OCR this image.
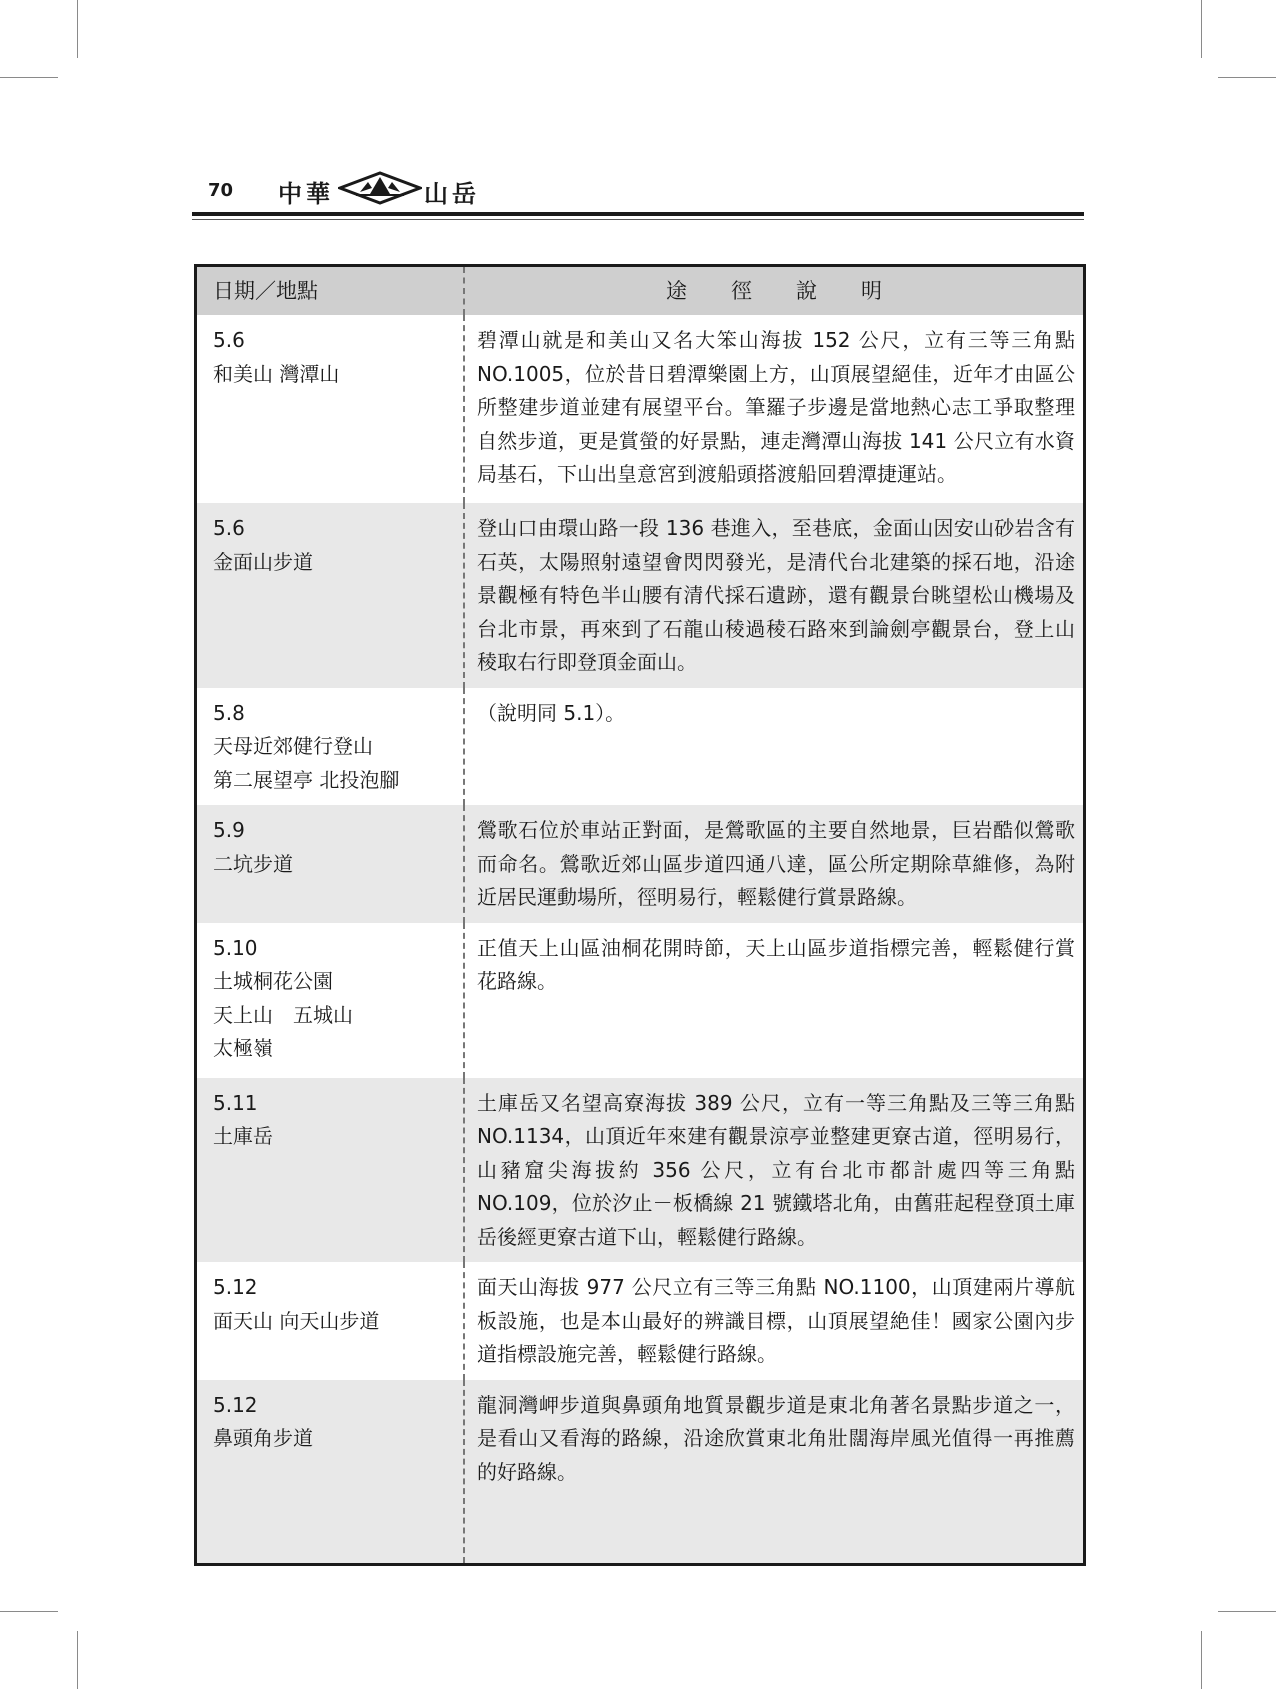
70 中華	山岳
日期／地點	途徑說明

5.6
和美山 灣潭山	碧潭山就是和美山又名大笨山海拔 152 公尺，立有三等三角點 NO.1005，位於昔日碧潭樂園上方，山頂展望絕佳，近年才由區公所整建步道並建有展望平台。筆羅子步邊是當地熱心志工爭取整理自然步道，更是賞螢的好景點，連走灣潭山海拔 141 公尺立有水資局基石，下山出皇意宮到渡船頭搭渡船回碧潭捷運站。

5.6
金面山步道	登山口由環山路一段 136 巷進入，至巷底，金面山因安山砂岩含有石英，太陽照射遠望會閃閃發光，是清代台北建築的採石地，沿途景觀極有特色半山腰有清代採石遺跡，還有觀景台眺望松山機場及台北市景，再來到了石龍山稜過稜石路來到論劍亭觀景台，登上山稜取右行即登頂金面山。

5.8
天母近郊健行登山
第二展望亭 北投泡腳	（說明同 5.1）。

5.9
二坑步道	鶯歌石位於車站正對面，是鶯歌區的主要自然地景，巨岩酷似鶯歌而命名。鶯歌近郊山區步道四通八達，區公所定期除草維修，為附近居民運動場所，徑明易行，輕鬆健行賞景路線。

5.10
土城桐花公園
天上山　五城山
太極嶺	正值天上山區油桐花開時節，天上山區步道指標完善，輕鬆健行賞花路線。

5.11
土庫岳	土庫岳又名望高寮海拔 389 公尺，立有一等三角點及三等三角點 NO.1134，山頂近年來建有觀景涼亭並整建更寮古道，徑明易行，山豬窟尖海拔約 356 公尺，立有台北市都計處四等三角點 NO.109，位於汐止－板橋線 21 號鐵塔北角，由舊莊起程登頂土庫岳後經更寮古道下山，輕鬆健行路線。

5.12
面天山 向天山步道	面天山海拔 977 公尺立有三等三角點 NO.1100，山頂建兩片導航板設施，也是本山最好的辨識目標，山頂展望絶佳！國家公園內步道指標設施完善，輕鬆健行路線。

5.12
鼻頭角步道	龍洞灣岬步道與鼻頭角地質景觀步道是東北角著名景點步道之一，是看山又看海的路線，沿途欣賞東北角壯闊海岸風光值得一再推薦的好路線。
